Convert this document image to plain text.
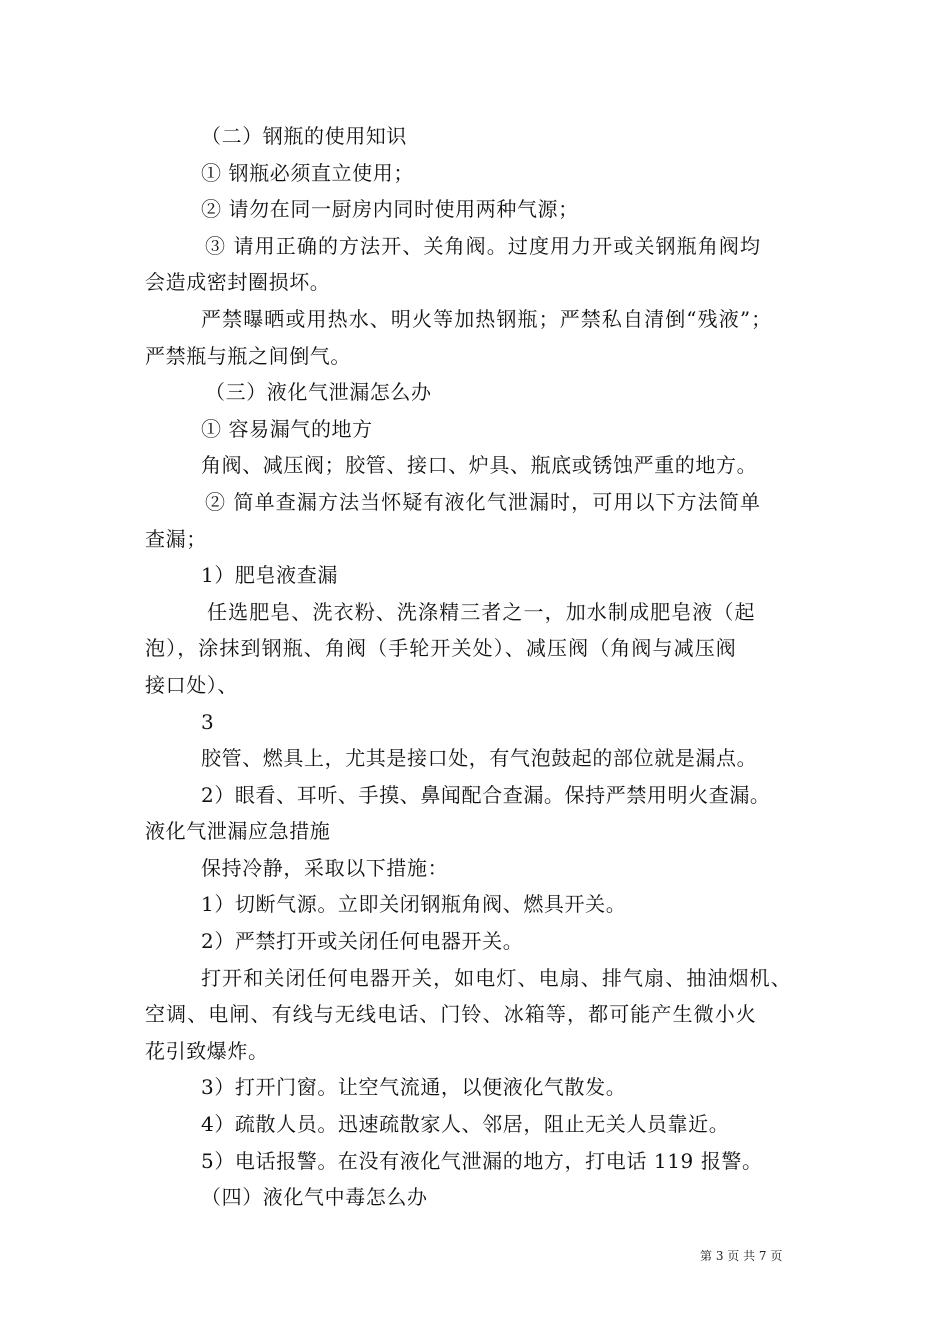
（二）钢瓶的使用知识
① 钢瓶必须直立使用；
② 请勿在同一厨房内同时使用两种气源；
③ 请用正确的方法开、关角阀。过度用力开或关钢瓶角阀均
会造成密封圈损坏。
严禁曝晒或用热水、明火等加热钢瓶；严禁私自清倒“残液”；
严禁瓶与瓶之间倒气。
（三）液化气泄漏怎么办
① 容易漏气的地方
角阀、减压阀；胶管、接口、炉具、瓶底或锈蚀严重的地方。
② 简单查漏方法当怀疑有液化气泄漏时，可用以下方法简单
查漏；
1）肥皂液查漏
任选肥皂、洗衣粉、洗涤精三者之一，加水制成肥皂液（起
泡），涂抹到钢瓶、角阀（手轮开关处）、减压阀（角阀与减压阀
接口处）、
3
胶管、燃具上，尤其是接口处，有气泡鼓起的部位就是漏点。
2）眼看、耳听、手摸、鼻闻配合查漏。保持严禁用明火查漏。
液化气泄漏应急措施
保持冷静，采取以下措施：
1）切断气源。立即关闭钢瓶角阀、燃具开关。
2）严禁打开或关闭任何电器开关。
打开和关闭任何电器开关，如电灯、电扇、排气扇、抽油烟机、
空调、电闸、有线与无线电话、门铃、冰箱等，都可能产生微小火
花引致爆炸。
3）打开门窗。让空气流通，以便液化气散发。
4）疏散人员。迅速疏散家人、邻居，阻止无关人员靠近。
5）电话报警。在没有液化气泄漏的地方，打电话 119 报警。
（四）液化气中毒怎么办
第 3 页 共 7 页
